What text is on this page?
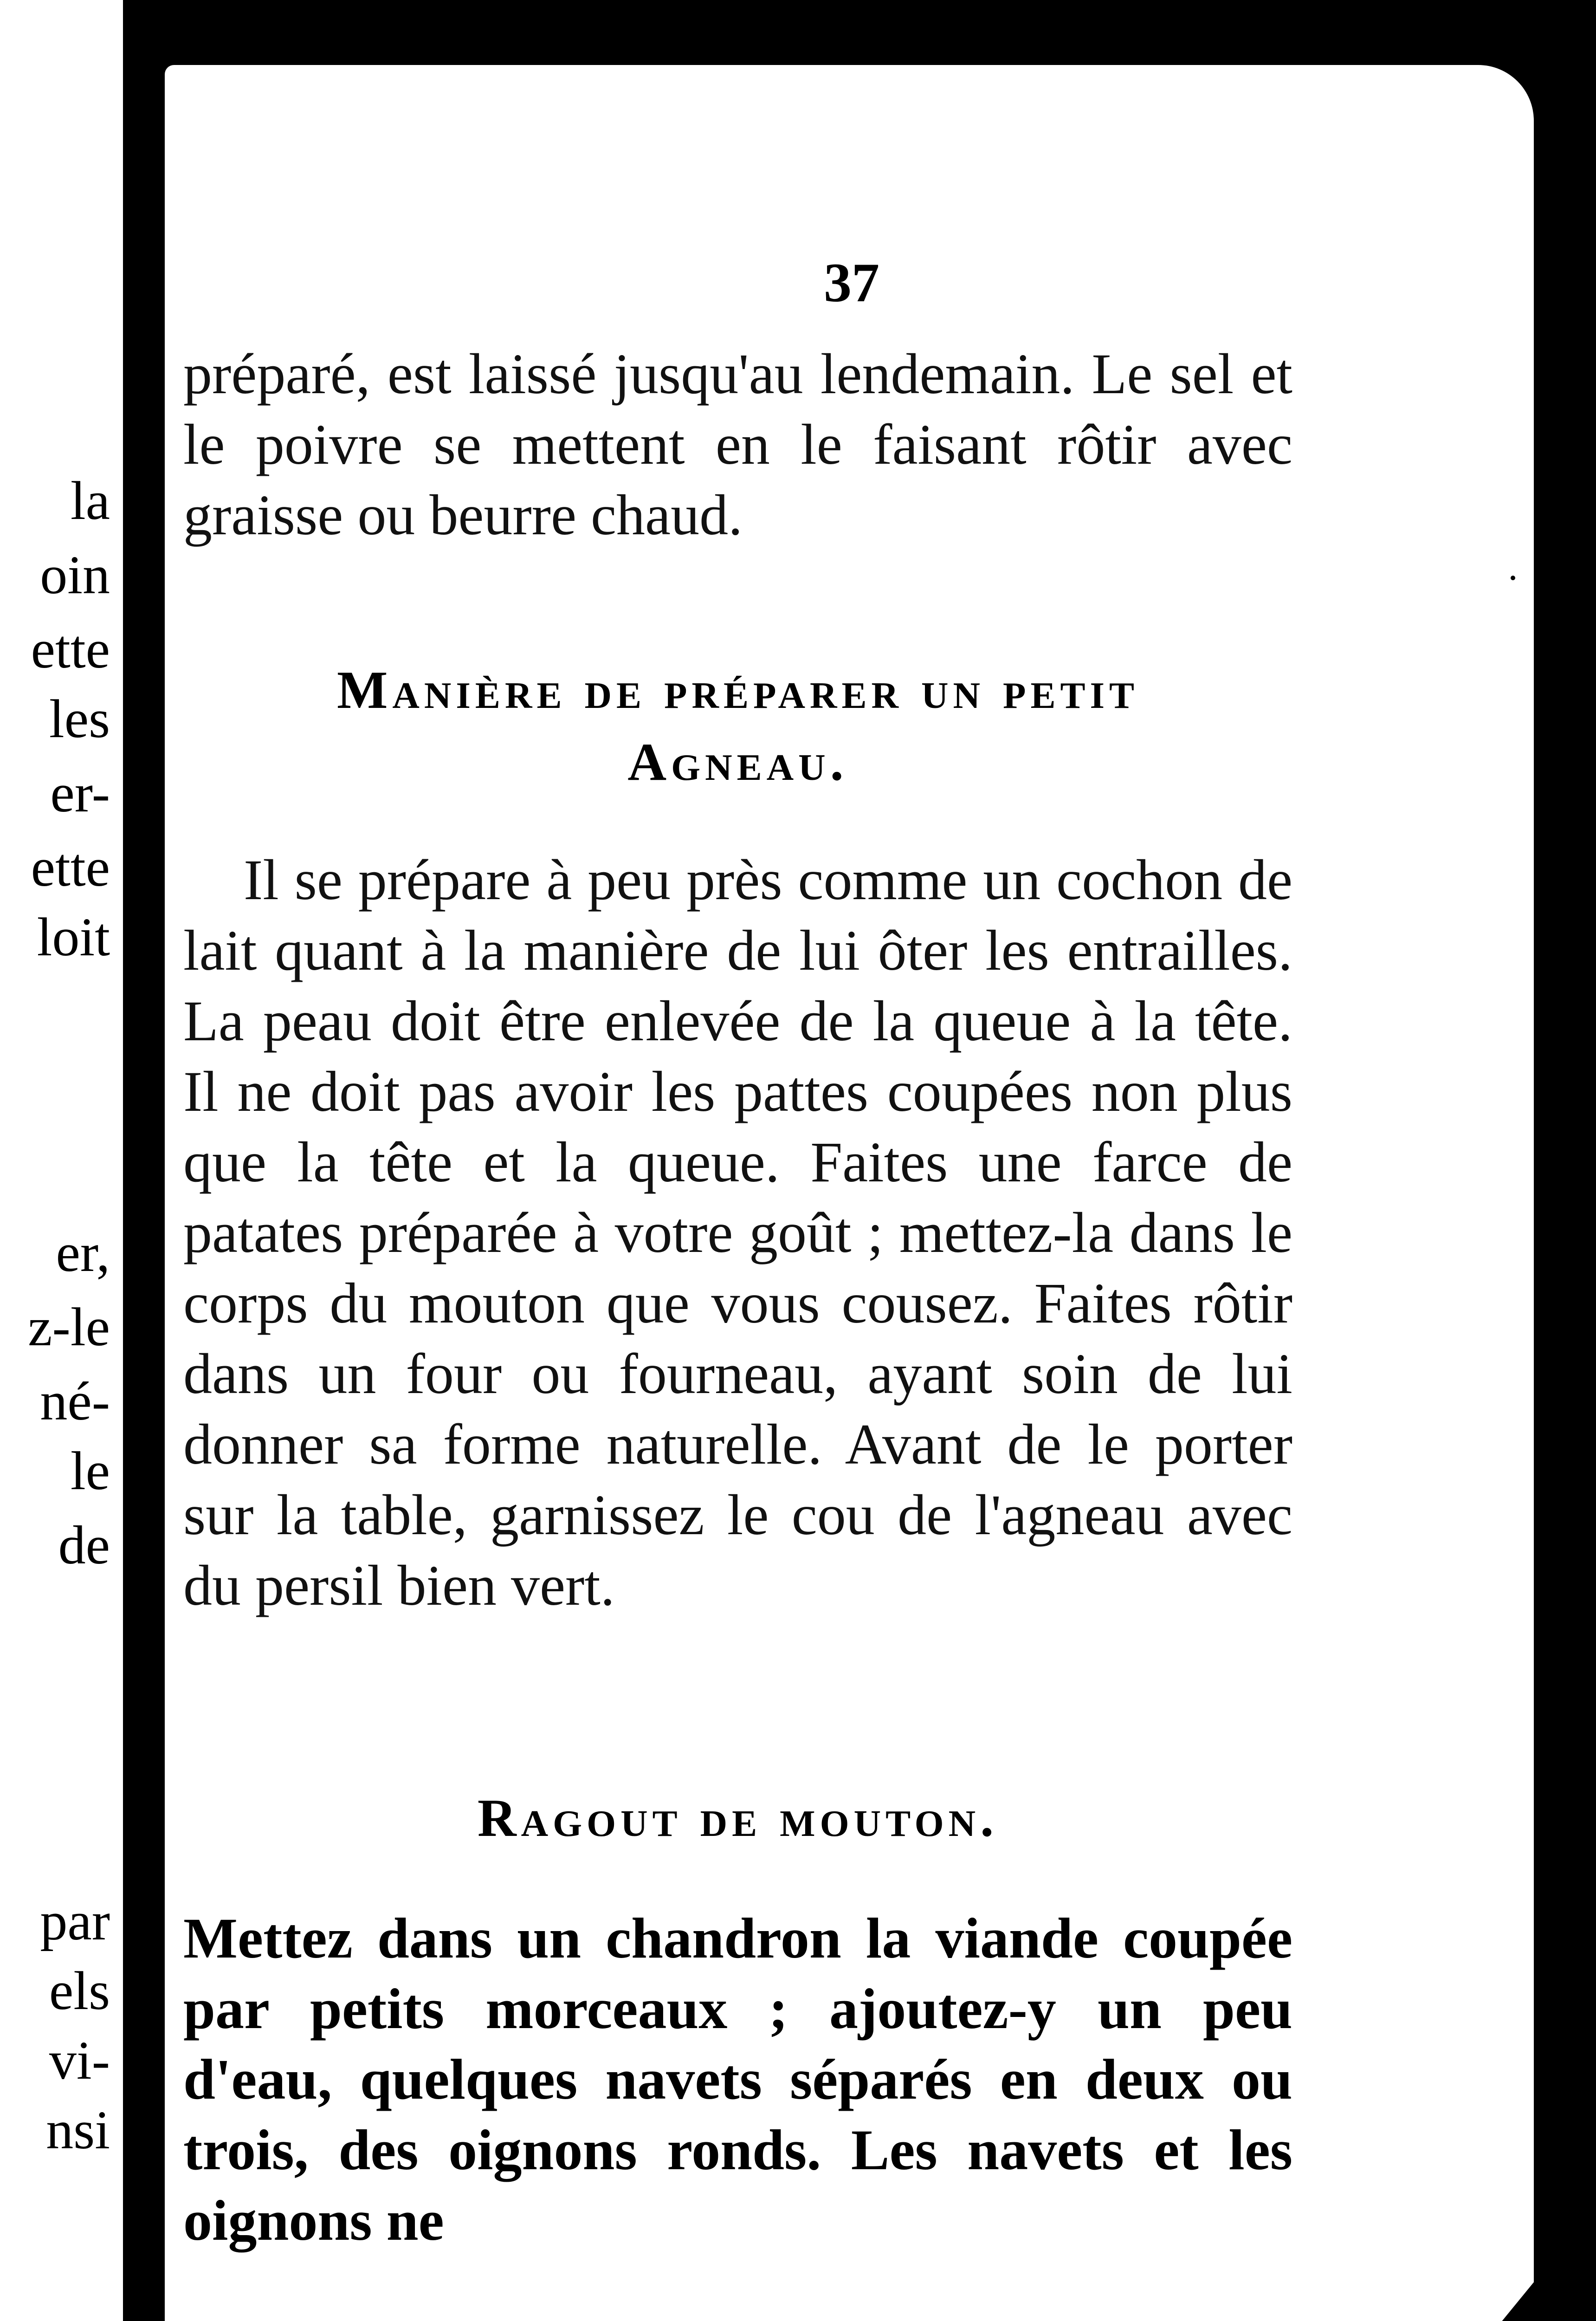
la
oin
ette
les
er-
ette
loit
er,
z-le
né-
le
de
par
els
vi-
nsi
37

préparé, est laissé jusqu'au lendemain. Le sel et le poivre se mettent en le faisant rôtir avec graisse ou beurre chaud.

Manière de préparer un petit
Agneau.

Il se prépare à peu près comme un cochon de lait quant à la manière de lui ôter les entrailles. La peau doit être enlevée de la queue à la tête. Il ne doit pas avoir les pattes coupées non plus que la tête et la queue. Faites une farce de patates préparée à votre goût ; mettez-la dans le corps du mouton que vous cousez. Faites rôtir dans un four ou fourneau, ayant soin de lui donner sa forme naturelle. Avant de le porter sur la table, garnissez le cou de l'agneau avec du persil bien vert.

Ragout de mouton.

Mettez dans un chandron la viande coupée par petits morceaux ; ajoutez-y un peu d'eau, quelques navets séparés en deux ou trois, des oignons ronds. Les navets et les oignons ne
